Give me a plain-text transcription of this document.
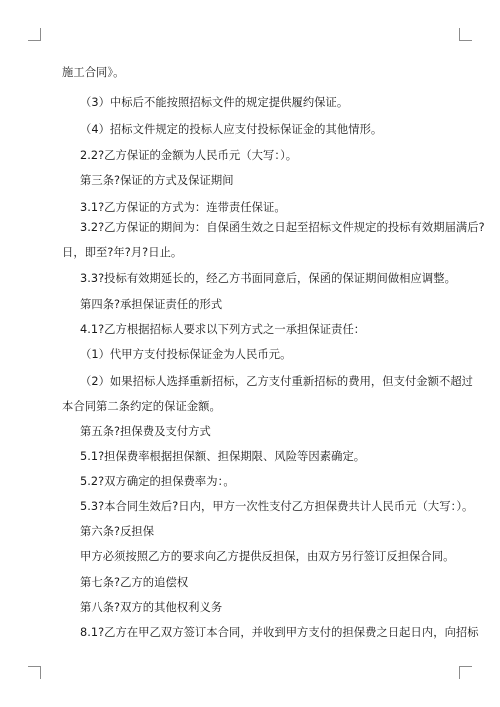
施工合同》。
（3）中标后不能按照招标文件的规定提供履约保证。
（4）招标文件规定的投标人应支付投标保证金的其他情形。
2.2?乙方保证的金额为人民币元（大写：）。
第三条?保证的方式及保证期间
3.1?乙方保证的方式为：连带责任保证。
3.2?乙方保证的期间为：自保函生效之日起至招标文件规定的投标有效期届满后?
日，即至?年?月?日止。
3.3?投标有效期延长的，经乙方书面同意后，保函的保证期间做相应调整。
第四条?承担保证责任的形式
4.1?乙方根据招标人要求以下列方式之一承担保证责任：
（1）代甲方支付投标保证金为人民币元。
（2）如果招标人选择重新招标，乙方支付重新招标的费用，但支付金额不超过
本合同第二条约定的保证金额。
第五条?担保费及支付方式
5.1?担保费率根据担保额、担保期限、风险等因素确定。
5.2?双方确定的担保费率为：。
5.3?本合同生效后?日内，甲方一次性支付乙方担保费共计人民币元（大写：）。
第六条?反担保
甲方必须按照乙方的要求向乙方提供反担保，由双方另行签订反担保合同。
第七条?乙方的追偿权
第八条?双方的其他权利义务
8.1?乙方在甲乙双方签订本合同，并收到甲方支付的担保费之日起日内，向招标
